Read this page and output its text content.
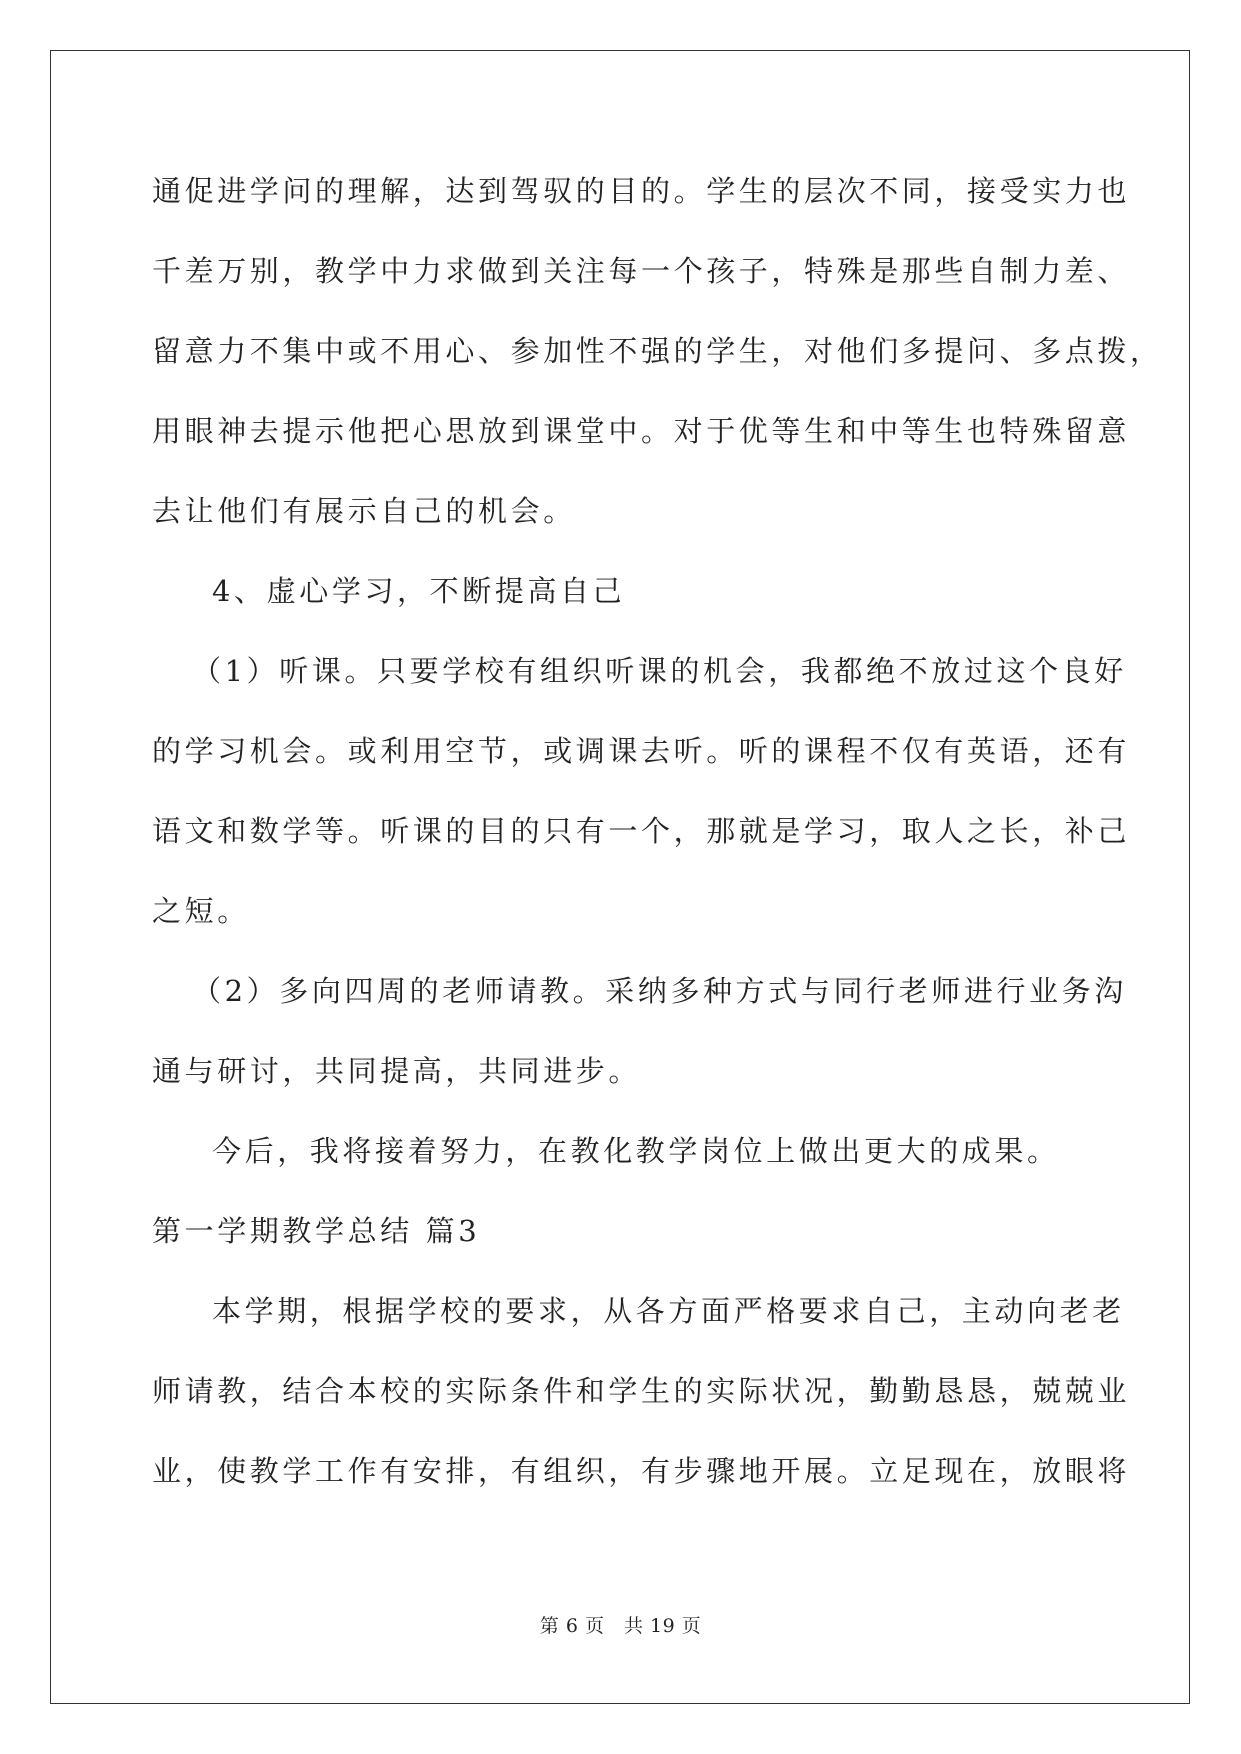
通促进学问的理解，达到驾驭的目的。学生的层次不同，接受实力也
千差万别，教学中力求做到关注每一个孩子，特殊是那些自制力差、
留意力不集中或不用心、参加性不强的学生，对他们多提问、多点拨，
用眼神去提示他把心思放到课堂中。对于优等生和中等生也特殊留意
去让他们有展示自己的机会。
4、虚心学习，不断提高自己
（1）听课。只要学校有组织听课的机会，我都绝不放过这个良好
的学习机会。或利用空节，或调课去听。听的课程不仅有英语，还有
语文和数学等。听课的目的只有一个，那就是学习，取人之长，补己
之短。
（2）多向四周的老师请教。采纳多种方式与同行老师进行业务沟
通与研讨，共同提高，共同进步。
今后，我将接着努力，在教化教学岗位上做出更大的成果。
第一学期教学总结 篇3
本学期，根据学校的要求，从各方面严格要求自己，主动向老老
师请教，结合本校的实际条件和学生的实际状况，勤勤恳恳，兢兢业
业，使教学工作有安排，有组织，有步骤地开展。立足现在，放眼将
第 6 页　共 19 页
